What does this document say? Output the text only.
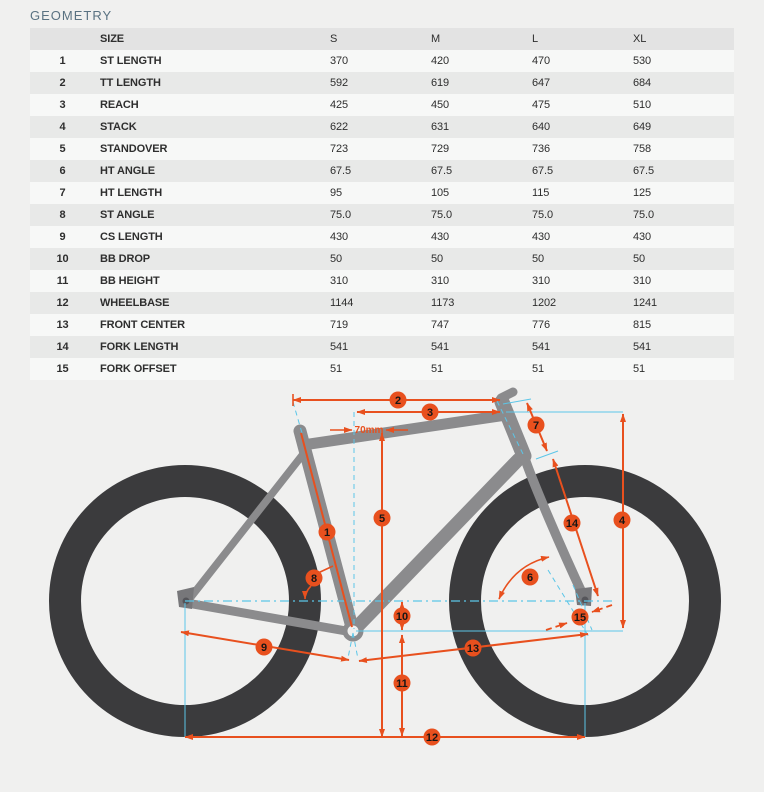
GEOMETRY
	SIZE	S	M	L	XL
1	ST LENGTH	370	420	470	530
2	TT LENGTH	592	619	647	684
3	REACH	425	450	475	510
4	STACK	622	631	640	649
5	STANDOVER	723	729	736	758
6	HT ANGLE	67.5	67.5	67.5	67.5
7	HT LENGTH	95	105	115	125
8	ST ANGLE	75.0	75.0	75.0	75.0
9	CS LENGTH	430	430	430	430
10	BB DROP	50	50	50	50
11	BB HEIGHT	310	310	310	310
12	WHEELBASE	1144	1173	1202	1241
13	FRONT CENTER	719	747	776	815
14	FORK LENGTH	541	541	541	541
15	FORK OFFSET	51	51	51	51
70mm
1
2
3
4
5
6
7
8
9
10
11
12
13
14
15
